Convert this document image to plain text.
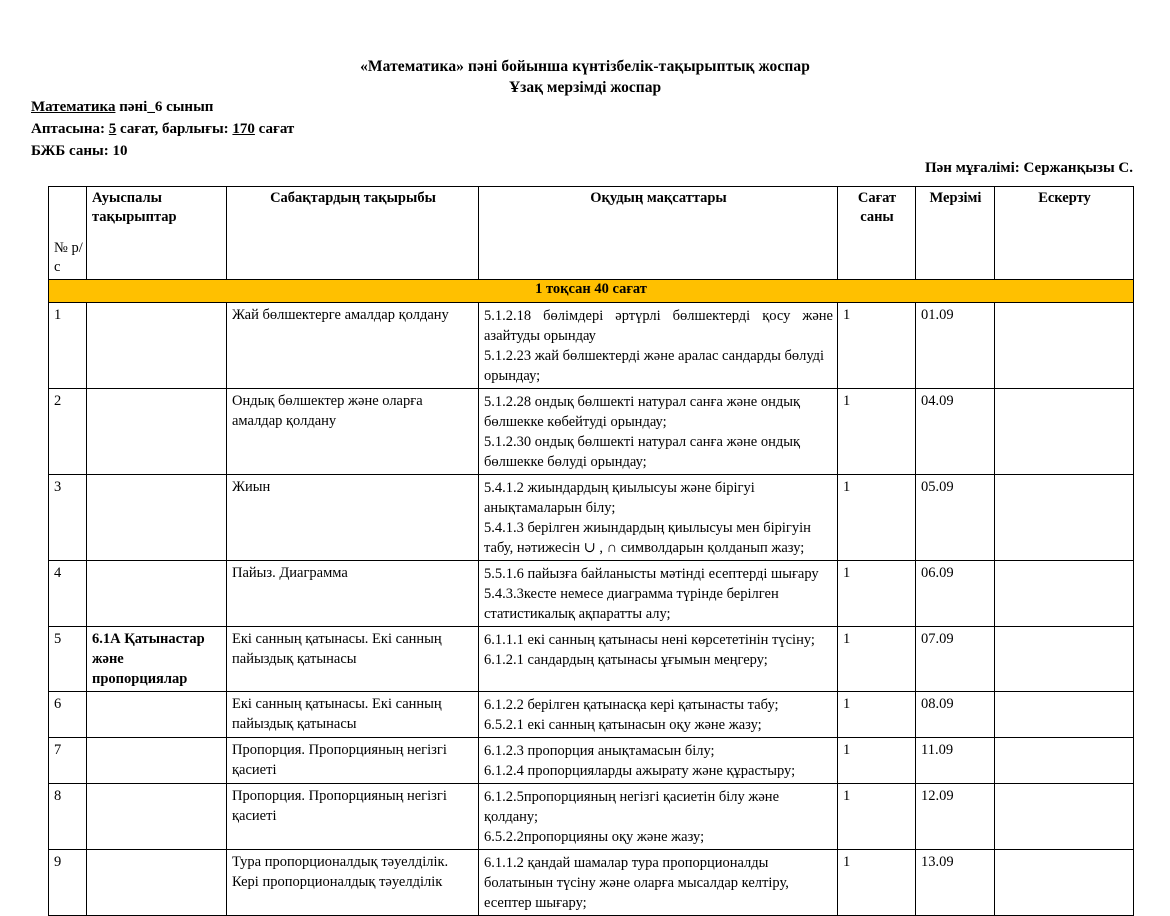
«Математика» пәні бойынша күнтізбелік-тақырыптық жоспар
Ұзақ мерзімді жоспар
Математика пәні_6 сынып
Аптасына: 5 сағат, барлығы: 170 сағат
БЖБ саны: 10
Пән мұғалімі: Сержанқызы С.
№ р/с	Ауыспалы тақырыптар	Сабақтардың тақырыбы	Оқудың мақсаттары	Сағат саны	Мерзімі	Ескерту
1 тоқсан 40 сағат						
1		Жай бөлшектерге амалдар қолдану	5.1.2.18 бөлімдері әртүрлі бөлшектерді қосу және
азайтуды орындау
5.1.2.23 жай бөлшектерді және аралас сандарды бөлуді
орындау;	1	01.09	
2		Ондық бөлшектер және оларға амалдар қолдану	5.1.2.28 ондық бөлшекті натурал санға және ондық
бөлшекке көбейтуді орындау;
5.1.2.30 ондық бөлшекті натурал санға және ондық
бөлшекке бөлуді орындау;	1	04.09	
3		Жиын	5.4.1.2 жиындардың қиылысуы және бірігуі
анықтамаларын білу;
5.4.1.3 берілген жиындардың қиылысуы мен бірігуін
табу, нәтижесін ∪ , ∩ символдарын қолданып жазу;	1	05.09	
4		Пайыз. Диаграмма	5.5.1.6 пайызға байланысты мәтінді есептерді шығару
5.4.3.3кесте немесе диаграмма түрінде берілген
статистикалық ақпаратты алу;	1	06.09	
5	6.1А Қатынастар және пропорциялар	Екі санның қатынасы. Екі санның пайыздық қатынасы	6.1.1.1 екі санның қатынасы нені көрсететінін түсіну;
6.1.2.1 сандардың қатынасы ұғымын меңгеру;	1	07.09	
6		Екі санның қатынасы. Екі санның пайыздық қатынасы	6.1.2.2 берілген қатынасқа кері қатынасты табу;
6.5.2.1 екі санның қатынасын оқу және жазу;	1	08.09	
7		Пропорция. Пропорцияның негізгі қасиеті	6.1.2.3 пропорция анықтамасын білу;
6.1.2.4 пропорцияларды ажырату және құрастыру;	1	11.09	
8		Пропорция. Пропорцияның негізгі қасиеті	6.1.2.5пропорцияның негізгі қасиетін білу және қолдану;
6.5.2.2пропорцияны оқу және жазу;	1	12.09	
9		Тура пропорционалдық тәуелділік. Кері пропорционалдық тәуелділік	6.1.1.2 қандай шамалар тура пропорционалды
болатынын түсіну және оларға мысалдар келтіру,
есептер шығару;	1	13.09	
